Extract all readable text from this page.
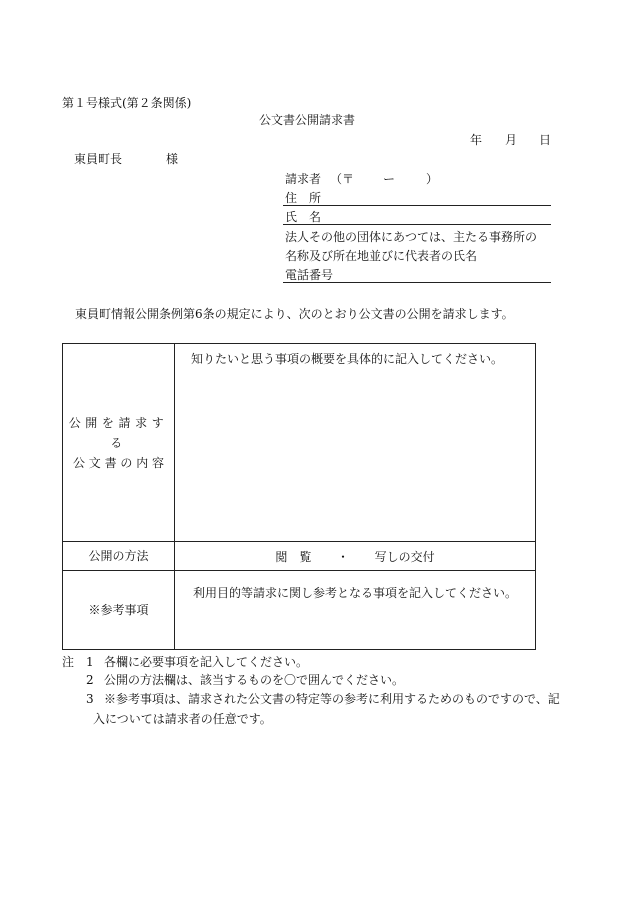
第１号様式(第２条関係)
公文書公開請求書
年 月 日
東員町長	様
請求者 （〒 ー	）
住　所
氏　名
法人その他の団体にあつては、主たる事務所の
名称及び所在地並びに代表者の氏名
電話番号
東員町情報公開条例第6条の規定により、次のとおり公文書の公開を請求します。
公開を請求する
公 文 書 の 内 容	知りたいと思う事項の概要を具体的に記入してください。

公開の方法	閲　覧 ・ 写しの交付
※参考事項	利用目的等請求に関し参考となる事項を記入してください。
注 1 各欄に必要事項を記入してください。
2 公開の方法欄は、該当するものを〇で囲んでください。
3 ※参考事項は、請求された公文書の特定等の参考に利用するためのものですので、記
入については請求者の任意です。
